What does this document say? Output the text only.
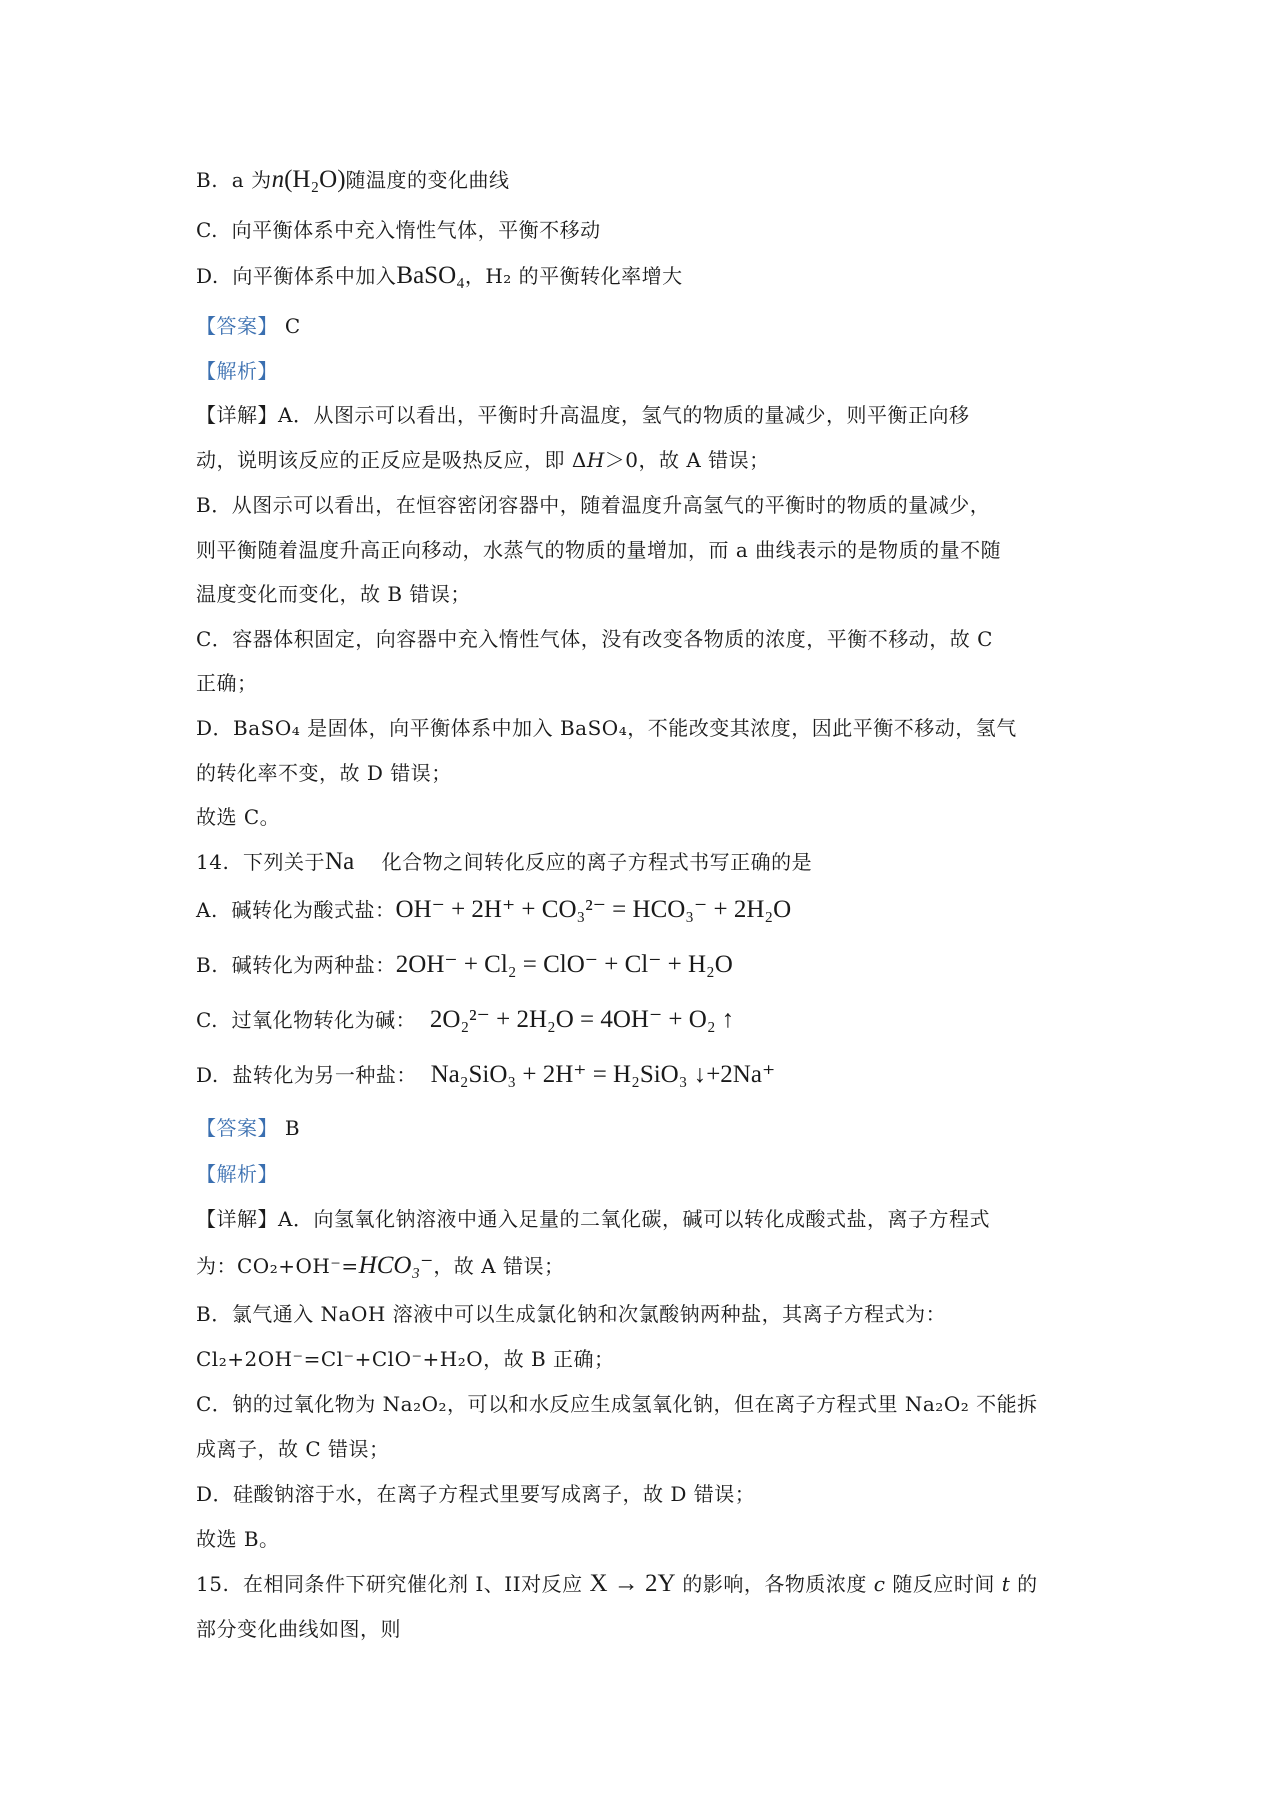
B. a 为n(H₂O)随温度的变化曲线
C. 向平衡体系中充入惰性气体，平衡不移动
D. 向平衡体系中加入BaSO₄，H₂ 的平衡转化率增大
【答案】 C
【解析】
【详解】A．从图示可以看出，平衡时升高温度，氢气的物质的量减少，则平衡正向移
动，说明该反应的正反应是吸热反应，即 ΔH＞0，故 A 错误；
B．从图示可以看出，在恒容密闭容器中，随着温度升高氢气的平衡时的物质的量减少，
则平衡随着温度升高正向移动，水蒸气的物质的量增加，而 a 曲线表示的是物质的量不随
温度变化而变化，故 B 错误；
C．容器体积固定，向容器中充入惰性气体，没有改变各物质的浓度，平衡不移动，故 C
正确；
D．BaSO₄ 是固体，向平衡体系中加入 BaSO₄，不能改变其浓度，因此平衡不移动，氢气
的转化率不变，故 D 错误；
故选 C。
14. 下列关于Na 化合物之间转化反应的离子方程式书写正确的是
A. 碱转化为酸式盐：OH⁻ + 2H⁺ + CO₃²⁻ = HCO₃⁻ + 2H₂O
B. 碱转化为两种盐：2OH⁻ + Cl₂ = ClO⁻ + Cl⁻ + H₂O
C. 过氧化物转化为碱： 2O₂²⁻ + 2H₂O = 4OH⁻ + O₂ ↑
D. 盐转化为另一种盐： Na₂SiO₃ + 2H⁺ = H₂SiO₃ ↓+2Na⁺
【答案】 B
【解析】
【详解】A．向氢氧化钠溶液中通入足量的二氧化碳，碱可以转化成酸式盐，离子方程式
为：CO₂+OH⁻=HCO₃⁻，故 A 错误；
B．氯气通入 NaOH 溶液中可以生成氯化钠和次氯酸钠两种盐，其离子方程式为：
Cl₂+2OH⁻=Cl⁻+ClO⁻+H₂O，故 B 正确；
C．钠的过氧化物为 Na₂O₂，可以和水反应生成氢氧化钠，但在离子方程式里 Na₂O₂ 不能拆
成离子，故 C 错误；
D．硅酸钠溶于水，在离子方程式里要写成离子，故 D 错误；
故选 B。
15. 在相同条件下研究催化剂 I、II对反应 X → 2Y 的影响，各物质浓度 c 随反应时间 t 的
部分变化曲线如图，则
